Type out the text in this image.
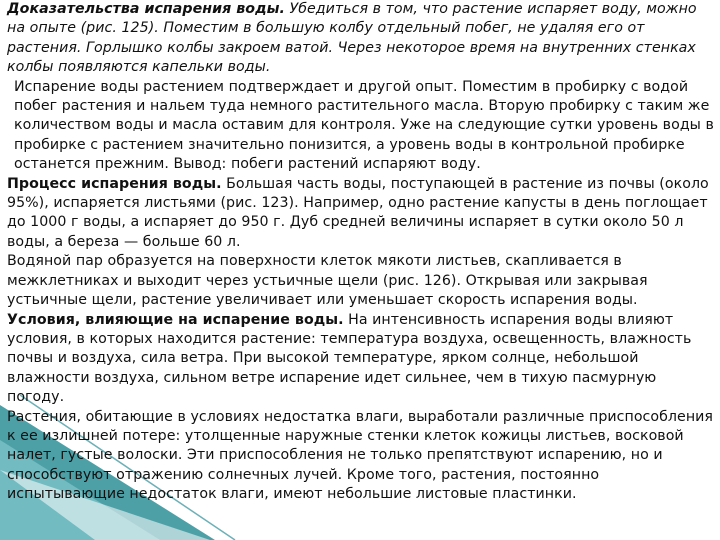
Доказательства испарения воды. Убедиться в том, что растение испаряет воду, можно на опыте (рис. 125). Поместим в большую колбу отдельный побег, не удаляя его от растения. Горлышко колбы закроем ватой. Через некоторое время на внутренних стенках колбы появляются капельки воды.

Испарение воды растением подтверждает и другой опыт. Поместим в пробирку с водой побег растения и нальем туда немного растительного масла. Вторую пробирку с таким же количеством воды и масла оставим для контроля. Уже на следующие сутки уровень воды в пробирке с растением значительно понизится, а уровень воды в контрольной пробирке останется прежним. Вывод: побеги растений испаряют воду.

Процесс испарения воды. Большая часть воды, поступающей в растение из почвы (около 95%), испаряется листьями (рис. 123). Например, одно растение капусты в день поглощает до 1000 г воды, а испаряет до 950 г. Дуб средней величины испаряет в сутки около 50 л воды, а береза — больше 60 л.

Водяной пар образуется на поверхности клеток мякоти листьев, скапливается в межклетниках и выходит через устьичные щели (рис. 126). Открывая или закрывая устьичные щели, растение увеличивает или уменьшает скорость испарения воды.

Условия, влияющие на испарение воды. На интенсивность испарения воды влияют условия, в которых находится растение: температура воздуха, освещенность, влажность почвы и воздуха, сила ветра. При высокой температуре, ярком солнце, небольшой влажности воздуха, сильном ветре испарение идет сильнее, чем в тихую пасмурную погоду.

Растения, обитающие в условиях недостатка влаги, выработали различные приспособления к ее излишней потере: утолщенные наружные стенки клеток кожицы листьев, восковой налет, густые волоски. Эти приспособления не только препятствуют испарению, но и способствуют отражению солнечных лучей. Кроме того, растения, постоянно испытывающие недостаток влаги, имеют небольшие листовые пластинки.
